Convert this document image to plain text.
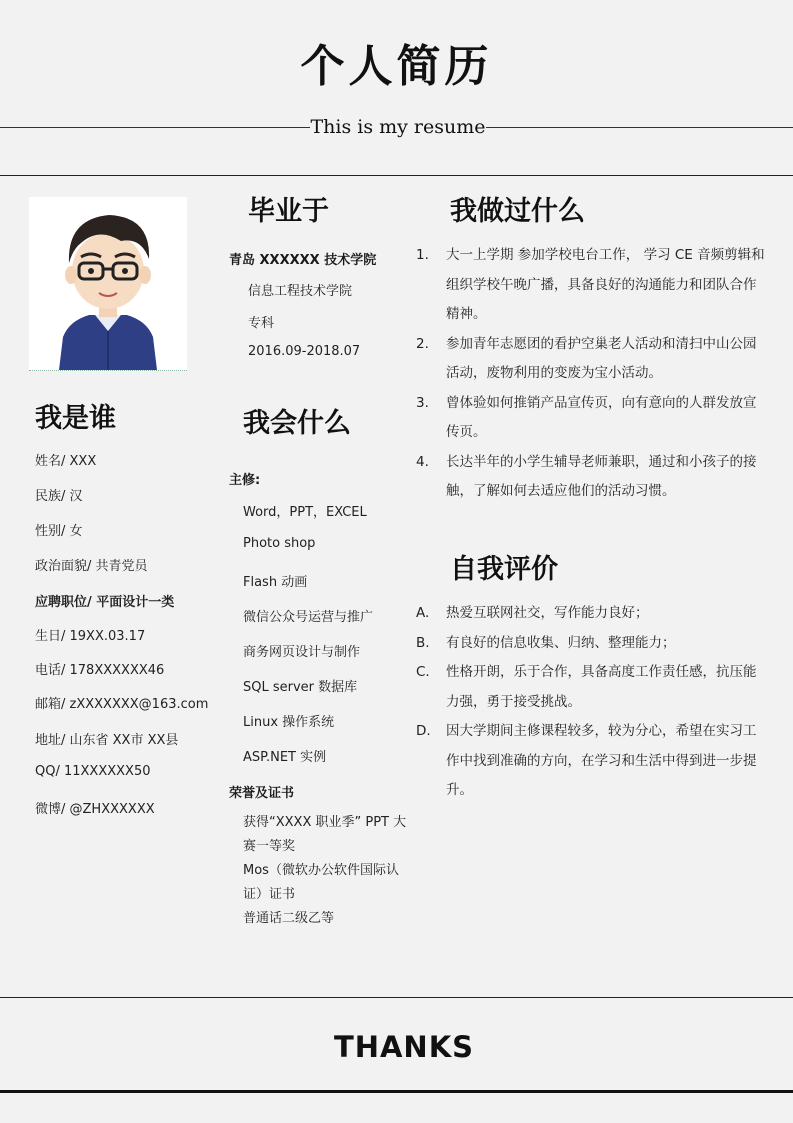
个人简历
This is my resume
我是谁
姓名/ XXX
民族/ 汉
性别/ 女
政治面貌/ 共青党员
应聘职位/ 平面设计一类
生日/ 19XX.03.17
电话/ 178XXXXXX46
邮箱/ zXXXXXXX@163.com
地址/ 山东省 XX市 XX县
QQ/ 11XXXXXX50
微博/ @ZHXXXXXX
毕业于
青岛 XXXXXX 技术学院
信息工程技术学院
专科
2016.09-2018.07
我会什么
主修:
Word，PPT，EXCEL
Photo shop
Flash 动画
微信公众号运营与推广
商务网页设计与制作
SQL server 数据库
Linux 操作系统
ASP.NET 实例
荣誉及证书
获得“XXXX 职业季” PPT 大赛一等奖
Mos（微软办公软件国际认证）证书
普通话二级乙等
我做过什么
1. 大一上学期 参加学校电台工作， 学习 CE 音频剪辑和组织学校午晚广播，具备良好的沟通能力和团队合作精神。
2. 参加青年志愿团的看护空巢老人活动和清扫中山公园活动，废物利用的变废为宝小活动。
3. 曾体验如何推销产品宣传页，向有意向的人群发放宣传页。
4. 长达半年的小学生辅导老师兼职，通过和小孩子的接触，了解如何去适应他们的活动习惯。
自我评价
A. 热爱互联网社交，写作能力良好；
B. 有良好的信息收集、归纳、整理能力；
C. 性格开朗，乐于合作，具备高度工作责任感，抗压能力强，勇于接受挑战。
D. 因大学期间主修课程较多，较为分心，希望在实习工作中找到准确的方向，在学习和生活中得到进一步提升。
THANKS
